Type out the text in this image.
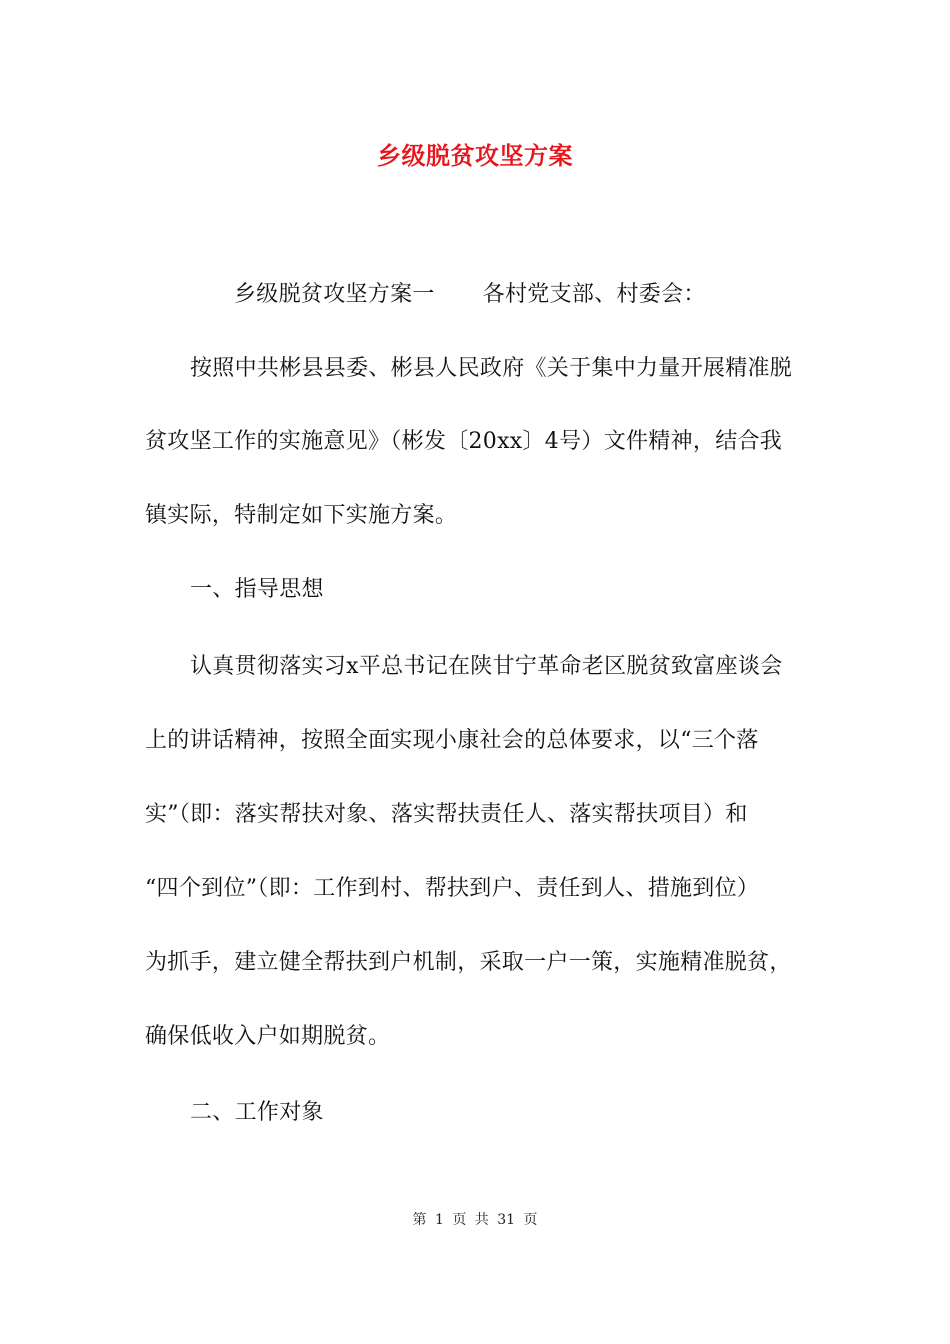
乡级脱贫攻坚方案
乡级脱贫攻坚方案一 各村党支部、村委会：
按照中共彬县县委、彬县人民政府《关于集中力量开展精准脱
贫攻坚工作的实施意见》（彬发〔20xx〕4号）文件精神，结合我
镇实际，特制定如下实施方案。
一、指导思想
认真贯彻落实习x平总书记在陕甘宁革命老区脱贫致富座谈会
上的讲话精神，按照全面实现小康社会的总体要求，以“三个落
实”（即：落实帮扶对象、落实帮扶责任人、落实帮扶项目）和
“四个到位”（即：工作到村、帮扶到户、责任到人、措施到位）
为抓手，建立健全帮扶到户机制，采取一户一策，实施精准脱贫，
确保低收入户如期脱贫。
二、工作对象
第 1 页 共 31 页
